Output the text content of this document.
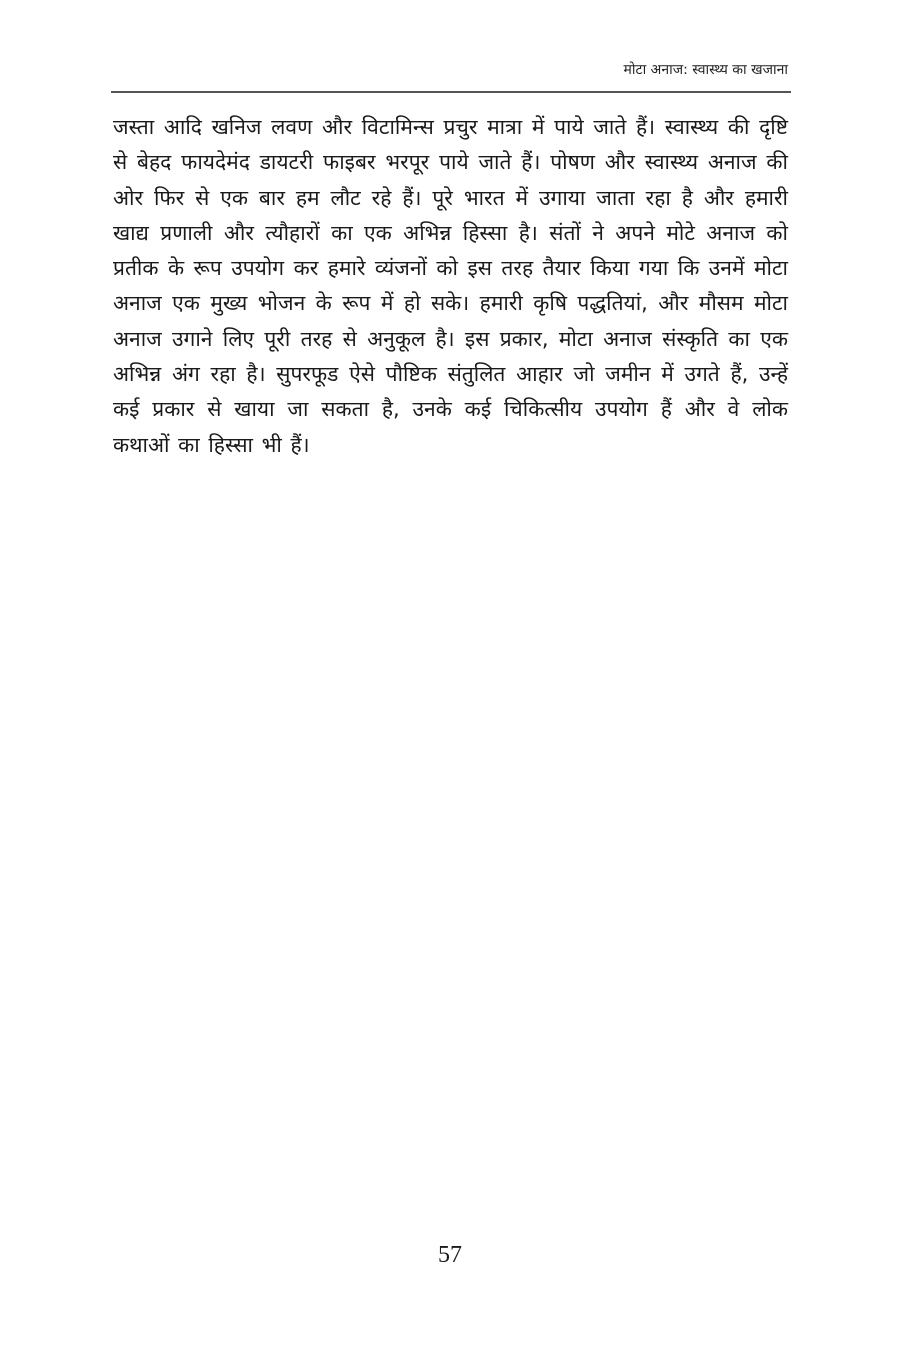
मोटा अनाज: स्वास्थ्य का खजाना

जस्ता आदि खनिज लवण और विटामिन्स प्रचुर मात्रा में पाये जाते हैं। स्वास्थ्य की दृष्टि से बेहद फायदेमंद डायटरी फाइबर भरपूर पाये जाते हैं। पोषण और स्वास्थ्य अनाज की ओर फिर से एक बार हम लौट रहे हैं। पूरे भारत में उगाया जाता रहा है और हमारी खाद्य प्रणाली और त्यौहारों का एक अभिन्न हिस्सा है। संतों ने अपने मोटे अनाज को प्रतीक के रूप उपयोग कर हमारे व्यंजनों को इस तरह तैयार किया गया कि उनमें मोटा अनाज एक मुख्य भोजन के रूप में हो सके। हमारी कृषि पद्धतियां, और मौसम मोटा अनाज उगाने लिए पूरी तरह से अनुकूल है। इस प्रकार, मोटा अनाज संस्कृति का एक अभिन्न अंग रहा है। सुपरफूड ऐसे पौष्टिक संतुलित आहार जो जमीन में उगते हैं, उन्हें कई प्रकार से खाया जा सकता है, उनके कई चिकित्सीय उपयोग हैं और वे लोक कथाओं का हिस्सा भी हैं।

57
